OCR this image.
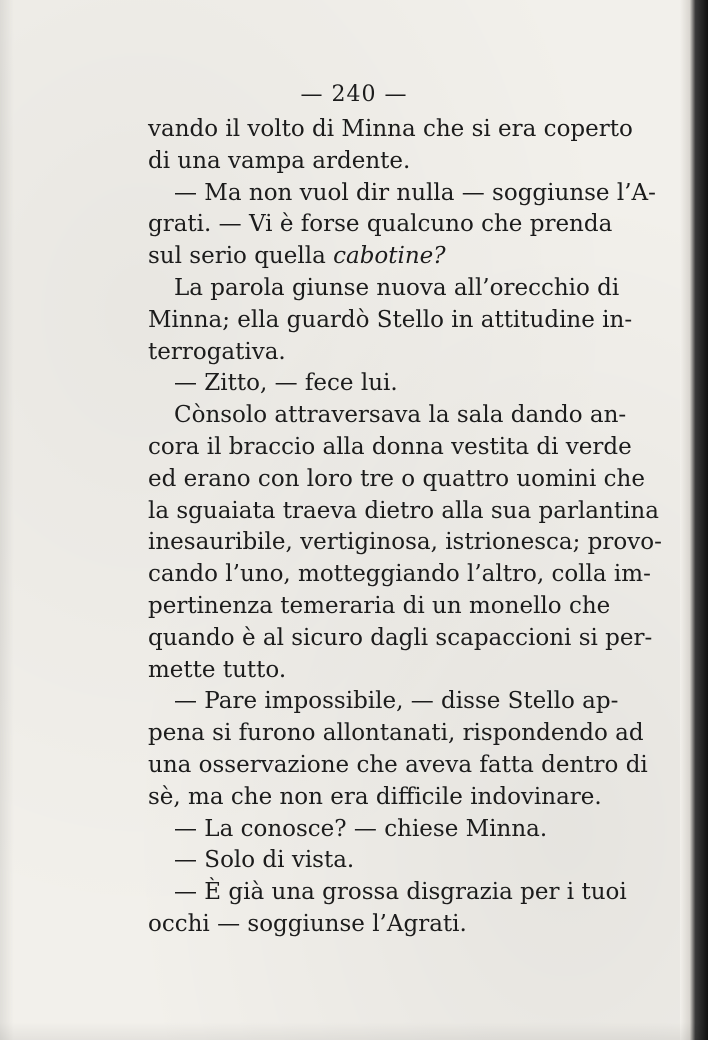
— 240 —
vando il volto di Minna che si era coperto
di una vampa ardente.
— Ma non vuol dir nulla — soggiunse l’A-
grati. — Vi è forse qualcuno che prenda
sul serio quella cabotine?
La parola giunse nuova all’orecchio di
Minna; ella guardò Stello in attitudine in-
terrogativa.
— Zitto, — fece lui.
Cònsolo attraversava la sala dando an-
cora il braccio alla donna vestita di verde
ed erano con loro tre o quattro uomini che
la sguaiata traeva dietro alla sua parlantina
inesauribile, vertiginosa, istrionesca; provo-
cando l’uno, motteggiando l’altro, colla im-
pertinenza temeraria di un monello che
quando è al sicuro dagli scapaccioni si per-
mette tutto.
— Pare impossibile, — disse Stello ap-
pena si furono allontanati, rispondendo ad
una osservazione che aveva fatta dentro di
sè, ma che non era difficile indovinare.
— La conosce? — chiese Minna.
— Solo di vista.
— È già una grossa disgrazia per i tuoi
occhi — soggiunse l’Agrati.
